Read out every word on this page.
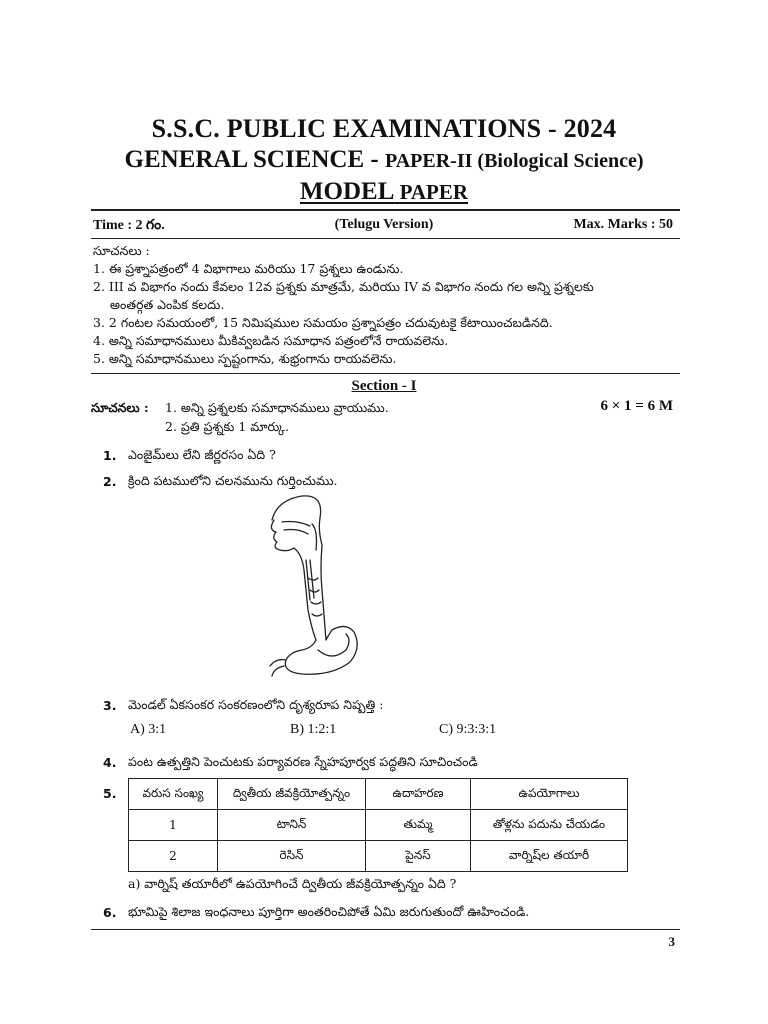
S.S.C. PUBLIC EXAMINATIONS - 2024
GENERAL SCIENCE - PAPER-II (Biological Science)
MODEL PAPER
Time : 2 గం.	(Telugu Version)	Max. Marks : 50
సూచనలు :
1. ఈ ప్రశ్నాపత్రంలో 4 విభాగాలు మరియు 17 ప్రశ్నలు ఉండును.
2. III వ విభాగం నందు కేవలం 12వ ప్రశ్నకు మాత్రమే, మరియు IV వ విభాగం నందు గల అన్ని ప్రశ్నలకు
అంతర్గత ఎంపిక కలదు.
3. 2 గంటల సమయంలో, 15 నిమిషముల సమయం ప్రశ్నాపత్రం చదువుటకై కేటాయించబడినది.
4. అన్ని సమాధానములు మీకివ్వబడిన సమాధాన పత్రంలోనే రాయవలెను.
5. అన్ని సమాధానములు స్పష్టంగాను, శుభ్రంగాను రాయవలెను.
Section - I
సూచనలు : 1. అన్ని ప్రశ్నలకు సమాధానములు వ్రాయుము.
2. ప్రతి ప్రశ్నకు 1 మార్కు.
6 × 1 = 6 M
1. ఎంజైమ్‌లు లేని జీర్ణరసం ఏది ?
2. క్రింది పటములోని చలనమును గుర్తించుము.
3. మెండల్ ఏకసంకర సంకరణంలోని దృశ్యరూప నిష్పత్తి :
A) 3:1	B) 1:2:1	C) 9:3:3:1
4. పంట ఉత్పత్తిని పెంచుటకు పర్యావరణ స్నేహపూర్వక పద్ధతిని సూచించండి
5. వరుస సంఖ్య	ద్వితీయ జీవక్రియోత్పన్నం	ఉదాహరణ	ఉపయోగాలు
1	టానిన్	తుమ్మ	తోళ్లను పదును చేయడం
2	రెసిన్	పైనస్	వార్నిష్‌ల తయారీ
a) వార్నిష్ తయారీలో ఉపయోగించే ద్వితీయ జీవక్రియోత్పన్నం ఏది ?
6. భూమిపై శిలాజ ఇంధనాలు పూర్తిగా అంతరించిపోతే ఏమి జరుగుతుందో ఊహించండి.
3
